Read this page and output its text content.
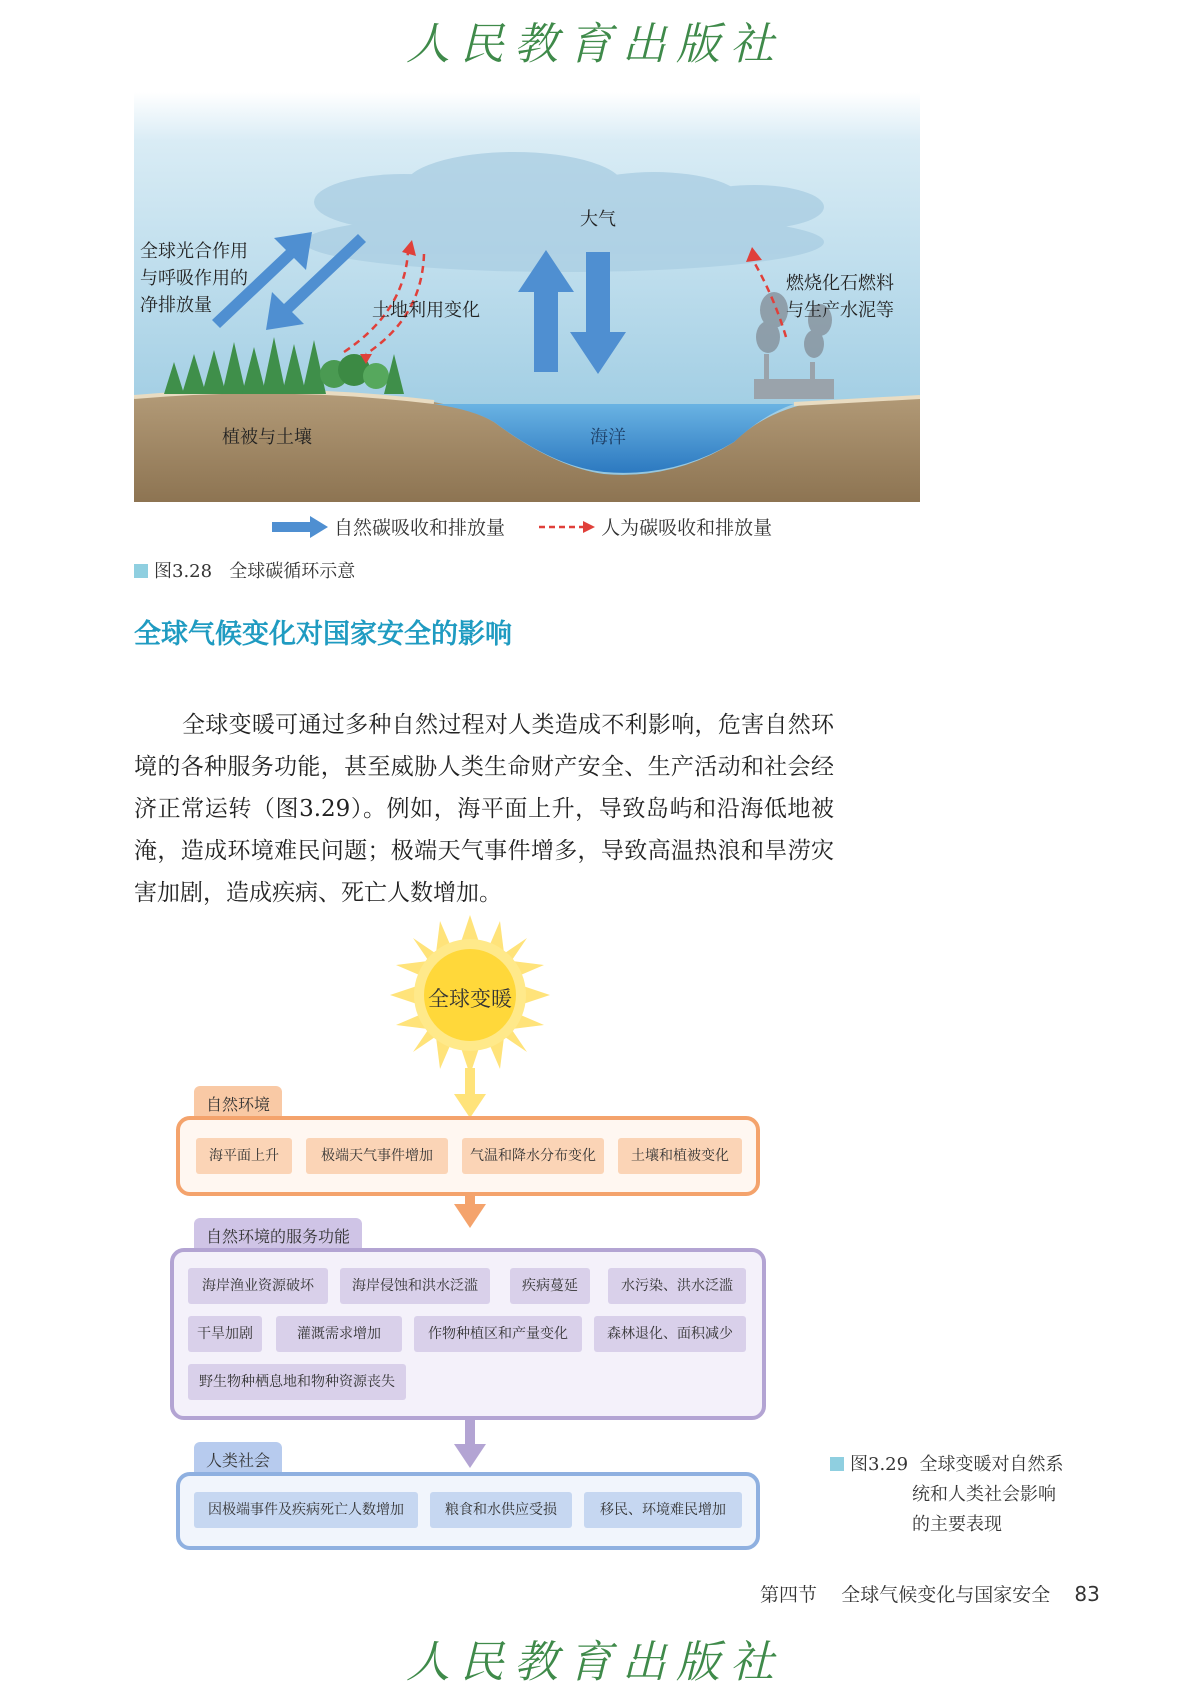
人民教育出版社
大气
全球光合作用
与呼吸作用的
净排放量	土地利用变化
燃烧化石燃料
与生产水泥等
植被与土壤	海洋
自然碳吸收和排放量	人为碳吸收和排放量
图3.28 全球碳循环示意
全球气候变化对国家安全的影响
全球变暖可通过多种自然过程对人类造成不利影响，危害自然环境的各种服务功能，甚至威胁人类生命财产安全、生产活动和社会经济正常运转（图3.29）。例如，海平面上升，导致岛屿和沿海低地被淹，造成环境难民问题；极端天气事件增多，导致高温热浪和旱涝灾害加剧，造成疾病、死亡人数增加。
全球变暖
自然环境
海平面上升	极端天气事件增加	气温和降水分布变化	土壤和植被变化
自然环境的服务功能
海岸渔业资源破坏	海岸侵蚀和洪水泛滥	疾病蔓延	水污染、洪水泛滥
干旱加剧	灌溉需求增加	作物种植区和产量变化	森林退化、面积减少
野生物种栖息地和物种资源丧失
人类社会
因极端事件及疾病死亡人数增加	粮食和水供应受损	移民、环境难民增加
图3.29 全球变暖对自然系
统和人类社会影响
的主要表现
第四节 全球气候变化与国家安全 83
人民教育出版社
